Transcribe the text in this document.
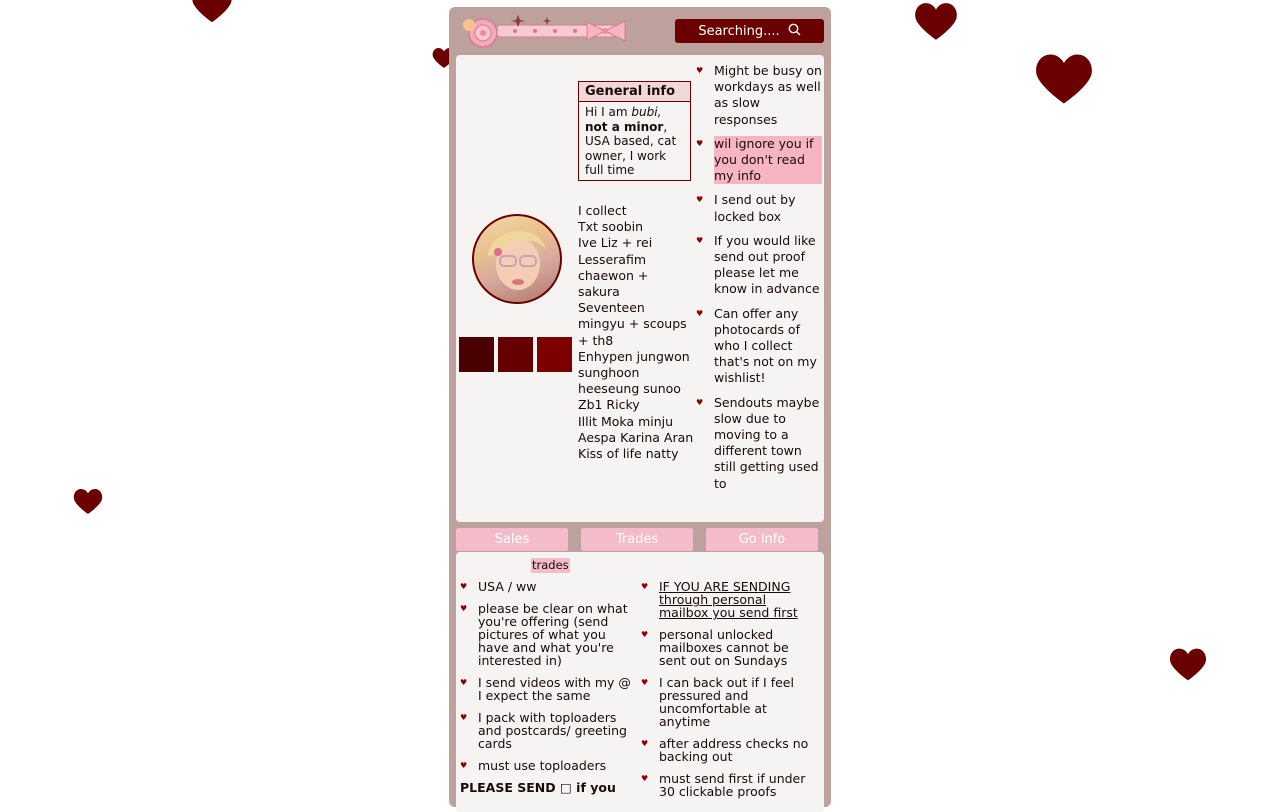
Searching....
General info
Hi I am bubi, not a minor, USA based, cat owner, I work full time
I collect
Txt soobin
Ive Liz + rei
Lesserafim chaewon + sakura
Seventeen mingyu + scoups + th8
Enhypen jungwon sunghoon heeseung sunoo
Zb1 Ricky
Illit Moka minju
Aespa Karina Aran
Kiss of life natty
♥ Might be busy on workdays as well as slow responses
♥ wil ignore you if you don't read my info
♥ I send out by locked box
♥ If you would like send out proof please let me know in advance
♥ Can offer any photocards of who I collect that's not on my wishlist!
♥ Sendouts maybe slow due to moving to a different town still getting used to
Sales	Trades	Go info
trades
♥ USA / ww
♥ please be clear on what you're offering (send pictures of what you have and what you're interested in)
♥ I send videos with my @ I expect the same
♥ I pack with toploaders and postcards/ greeting cards
♥ must use toploaders
PLEASE SEND □ if you
♥ IF YOU ARE SENDING through personal mailbox you send first
♥ personal unlocked mailboxes cannot be sent out on Sundays
♥ I can back out if I feel pressured and uncomfortable at anytime
♥ after address checks no backing out
♥ must send first if under 30 clickable proofs
